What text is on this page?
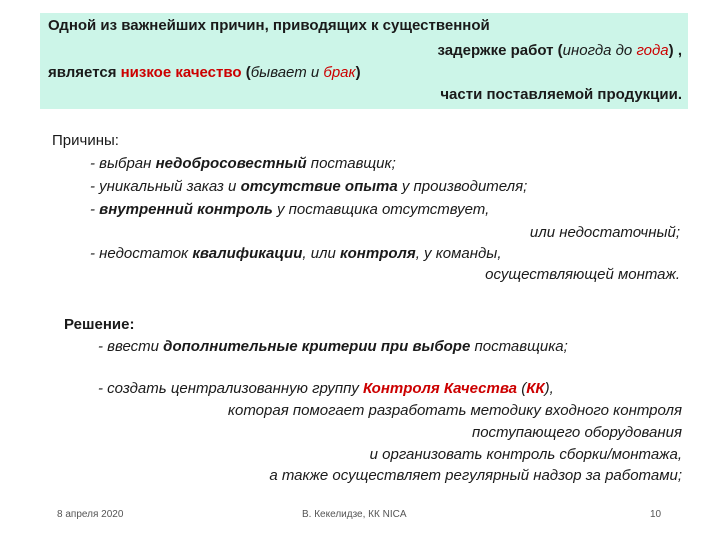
Одной из важнейших причин, приводящих к существенной
задержке работ (иногда до года) ,
является низкое качество (бывает и брак)
части поставляемой продукции.
Причины:
- выбран недобросовестный поставщик;
- уникальный заказ и отсутствие опыта у производителя;
- внутренний контроль у поставщика отсутствует,
или недостаточный;
- недостаток квалификации, или контроля, у команды,
осуществляющей монтаж.
Решение:
- ввести дополнительные критерии при выборе поставщика;
- создать централизованную группу Контроля Качества (КК),
которая помогает разработать методику входного контроля
поступающего оборудования
и организовать контроль сборки/монтажа,
а также осуществляет регулярный надзор за работами;
8 апреля 2020	В. Кекелидзе, КК NICA	10
